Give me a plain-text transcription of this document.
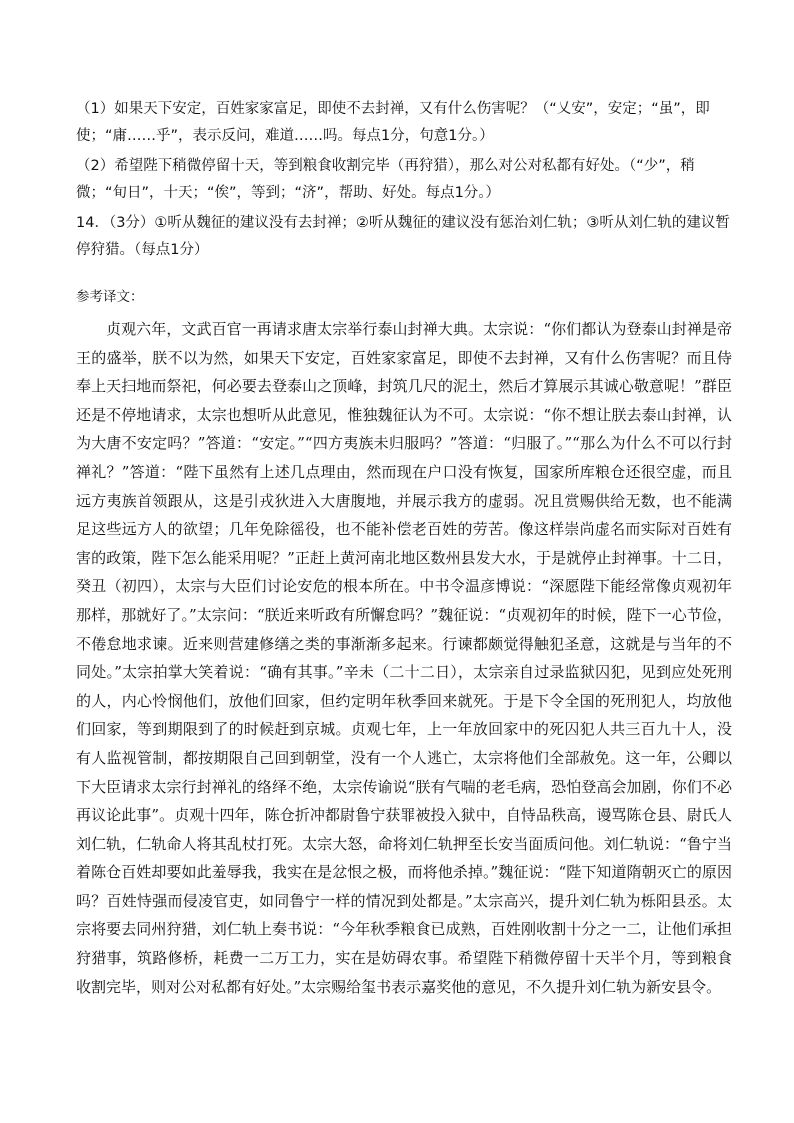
（1）如果天下安定，百姓家家富足，即使不去封禅，又有什么伤害呢？（“乂安”，安定；“虽”，即使；“庸……乎”，表示反问，难道……吗。每点1分，句意1分。）

（2）希望陛下稍微停留十天，等到粮食收割完毕（再狩猎），那么对公对私都有好处。（“少”，稍微；“旬日”，十天；“俟”，等到；“济”，帮助、好处。每点1分。）

14．（3分）①听从魏征的建议没有去封禅；②听从魏征的建议没有惩治刘仁轨；③听从刘仁轨的建议暂停狩猎。（每点1分）

参考译文：

贞观六年，文武百官一再请求唐太宗举行泰山封禅大典。太宗说：“你们都认为登泰山封禅是帝王的盛举，朕不以为然，如果天下安定，百姓家家富足，即使不去封禅，又有什么伤害呢？而且侍奉上天扫地而祭祀，何必要去登泰山之顶峰，封筑几尺的泥土，然后才算展示其诚心敬意呢！”群臣还是不停地请求，太宗也想听从此意见，惟独魏征认为不可。太宗说：“你不想让朕去泰山封禅，认为大唐不安定吗？”答道：“安定。”“四方夷族未归服吗？”答道：“归服了。”“那么为什么不可以行封禅礼？”答道：“陛下虽然有上述几点理由，然而现在户口没有恢复，国家所库粮仓还很空虚，而且远方夷族首领跟从，这是引戎狄进入大唐腹地，并展示我方的虚弱。况且赏赐供给无数，也不能满足这些远方人的欲望；几年免除徭役，也不能补偿老百姓的劳苦。像这样崇尚虚名而实际对百姓有害的政策，陛下怎么能采用呢？”正赶上黄河南北地区数州县发大水，于是就停止封禅事。十二日，癸丑（初四），太宗与大臣们讨论安危的根本所在。中书令温彦博说：“深愿陛下能经常像贞观初年那样，那就好了。”太宗问：“朕近来听政有所懈怠吗？”魏征说：“贞观初年的时候，陛下一心节俭，不倦怠地求谏。近来则营建修缮之类的事渐渐多起来。行谏都颇觉得触犯圣意，这就是与当年的不同处。”太宗拍掌大笑着说：“确有其事。”辛未（二十二日），太宗亲自过录监狱囚犯，见到应处死刑的人，内心怜悯他们，放他们回家，但约定明年秋季回来就死。于是下令全国的死刑犯人，均放他们回家，等到期限到了的时候赶到京城。贞观七年，上一年放回家中的死囚犯人共三百九十人，没有人监视管制，都按期限自己回到朝堂，没有一个人逃亡，太宗将他们全部赦免。这一年，公卿以下大臣请求太宗行封禅礼的络绎不绝，太宗传谕说“朕有气喘的老毛病，恐怕登高会加剧，你们不必再议论此事”。贞观十四年，陈仓折冲都尉鲁宁获罪被投入狱中，自恃品秩高，谩骂陈仓县、尉氏人刘仁轨，仁轨命人将其乱杖打死。太宗大怒，命将刘仁轨押至长安当面质问他。刘仁轨说：“鲁宁当着陈仓百姓却要如此羞辱我，我实在是忿恨之极，而将他杀掉。”魏征说：“陛下知道隋朝灭亡的原因吗？百姓恃强而侵凌官吏，如同鲁宁一样的情况到处都是。”太宗高兴，提升刘仁轨为栎阳县丞。太宗将要去同州狩猎，刘仁轨上奏书说：“今年秋季粮食已成熟，百姓刚收割十分之一二，让他们承担狩猎事，筑路修桥，耗费一二万工力，实在是妨碍农事。希望陛下稍微停留十天半个月，等到粮食收割完毕，则对公对私都有好处。”太宗赐给玺书表示嘉奖他的意见，不久提升刘仁轨为新安县令。
